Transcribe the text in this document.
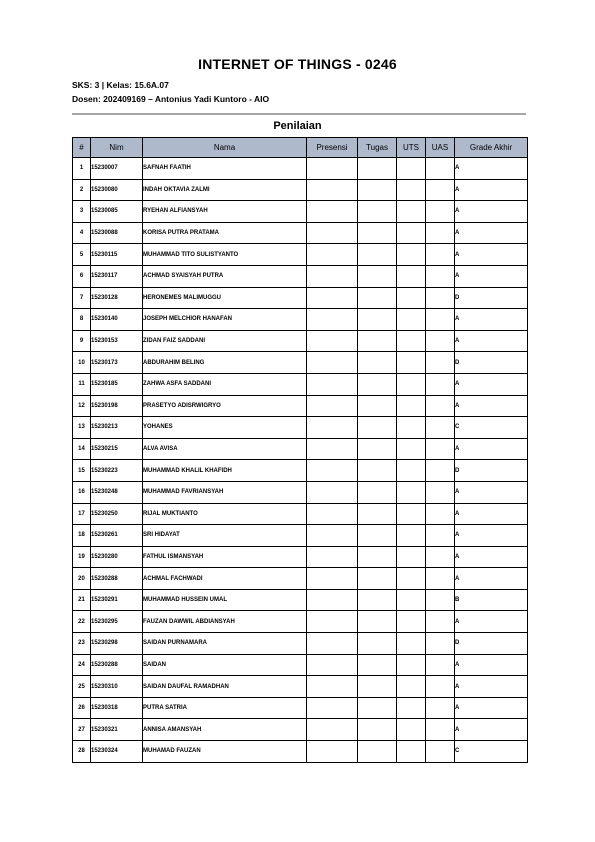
INTERNET OF THINGS - 0246
SKS: 3 | Kelas: 15.6A.07
Dosen: 202409169 – Antonius Yadi Kuntoro - AIO
Penilaian
#	Nim	Nama	Presensi	Tugas	UTS	UAS	Grade Akhir
1	15230007	SAFNAH FAATIH					A
2	15230080	INDAH OKTAVIA ZALMI					A
3	15230085	RYEHAN ALFIANSYAH					A
4	15230088	KORISA PUTRA PRATAMA					A
5	15230115	MUHAMMAD TITO SULISTYANTO					A
6	15230117	ACHMAD SYAISYAH PUTRA					A
7	15230128	HERONEMES MALIMUGGU					D
8	15230140	JOSEPH MELCHIOR HANAFAN					A
9	15230153	ZIDAN FAIZ SADDANI					A
10	15230173	ABDURAHIM BELING					D
11	15230185	ZAHWA ASFA SADDANI					A
12	15230198	PRASETYO ADISRWIGRYO					A
13	15230213	YOHANES					C
14	15230215	ALVA AVISA					A
15	15230223	MUHAMMAD KHALIL KHAFIDH					D
16	15230248	MUHAMMAD FAVRIANSYAH					A
17	15230250	RIJAL MUKTIANTO					A
18	15230261	SRI HIDAYAT					A
19	15230280	FATHUL ISMANSYAH					A
20	15230288	ACHMAL FACHWADI					A
21	15230291	MUHAMMAD HUSSEIN UMAL					B
22	15230295	FAUZAN DAWWIL ABDIANSYAH					A
23	15230298	SAIDAN PURNAMARA					D
24	15230288	SAIDAN					A
25	15230310	SAIDAN DAUFAL RAMADHAN					A
26	15230318	PUTRA SATRIA					A
27	15230321	ANNISA AMANSYAH					A
28	15230324	MUHAMAD FAUZAN					C
